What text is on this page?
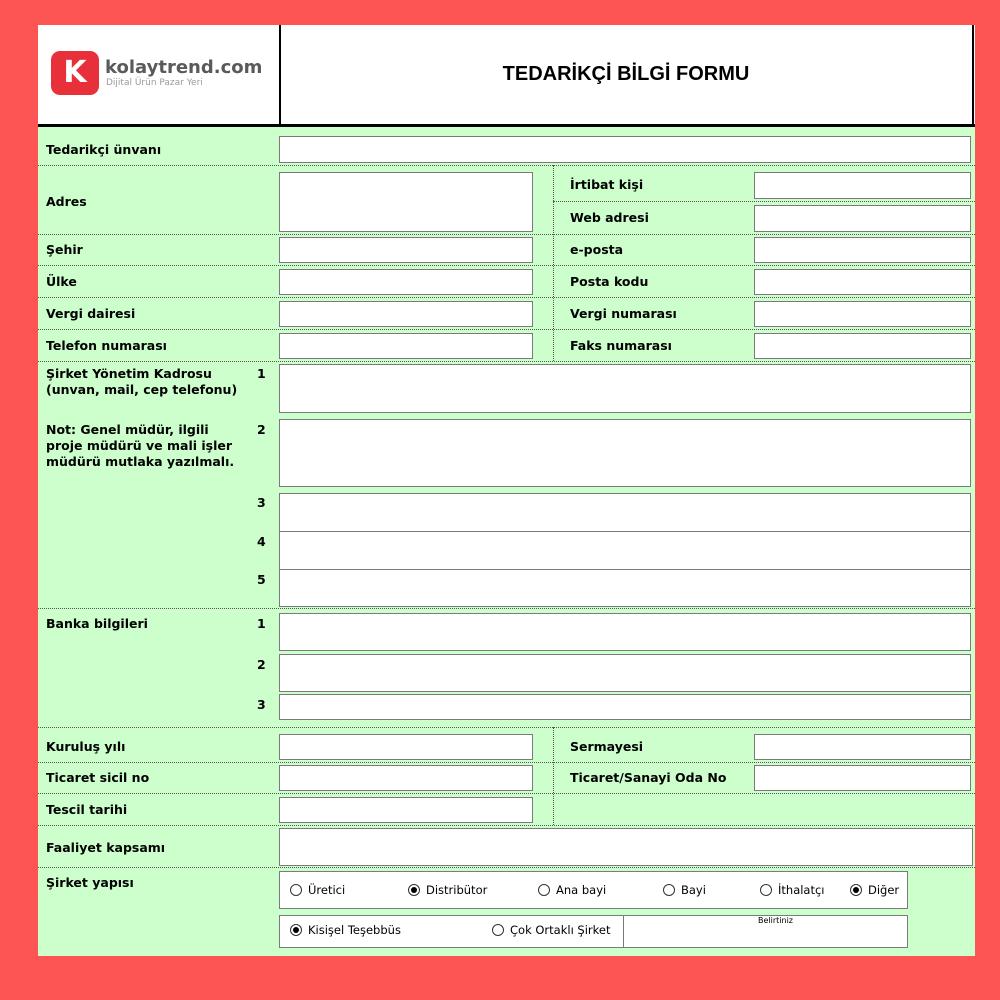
K kolaytrend.com
Dijital Ürün Pazar Yeri	TEDARİKÇİ BİLGİ FORMU
Tedarikçi ünvanı
Adres
İrtibat kişi
Web adresi
Şehir	e-posta
Ülke	Posta kodu
Vergi dairesi	Vergi numarası
Telefon numarası	Faks numarası
Şirket Yönetim Kadrosu
(unvan, mail, cep telefonu)
Not: Genel müdür, ilgili
proje müdürü ve mali işler
müdürü mutlaka yazılmalı.
1
2
3
4
5
Banka bilgileri	1
2
3
Kuruluş yılı	Sermayesi
Ticaret sicil no	Ticaret/Sanayi Oda No
Tescil tarihi
Faaliyet kapsamı
Şirket yapısı	Üretici	Distribütor	Ana bayi	Bayi	İthalatçı	Diğer
Kisişel Teşebbüs	Çok Ortaklı Şirket
Belirtiniz
